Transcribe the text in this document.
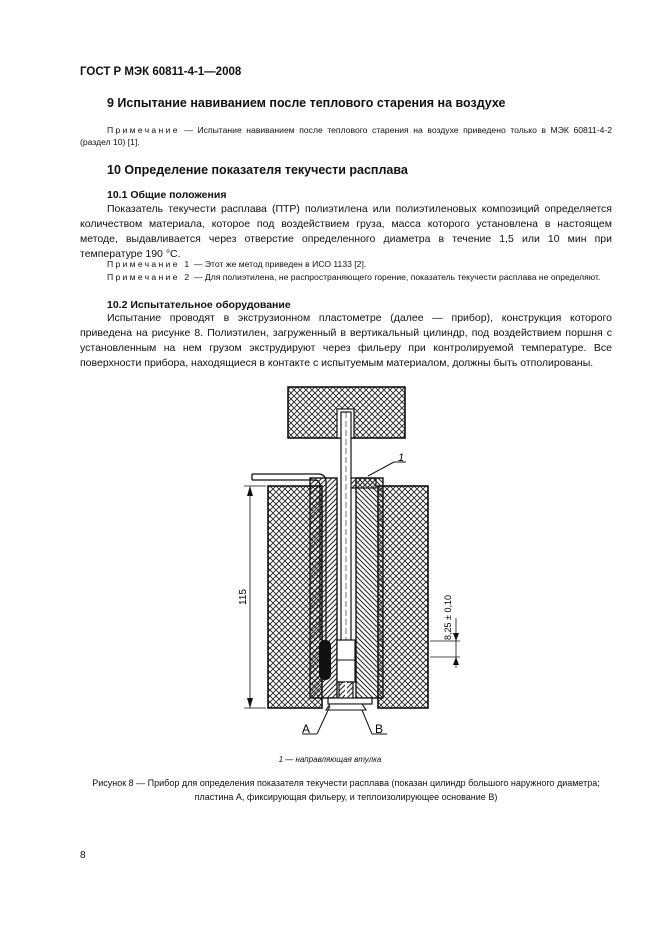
ГОСТ Р МЭК 60811-4-1—2008
9 Испытание навиванием после теплового старения на воздухе
Примечание — Испытание навиванием после теплового старения на воздухе приведено только в МЭК 60811-4-2 (раздел 10) [1].
10 Определение показателя текучести расплава
10.1 Общие положения
Показатель текучести расплава (ПТР) полиэтилена или полиэтиленовых композиций определяется количеством материала, которое под воздействием груза, масса которого установлена в настоящем методе, выдавливается через отверстие определенного диаметра в течение 1,5 или 10 мин при температуре 190 °С.
Примечание 1 — Этот же метод приведен в ИСО 1133 [2].
Примечание 2 — Для полиэтилена, не распространяющего горение, показатель текучести расплава не определяют.
10.2 Испытательное оборудование
Испытание проводят в экструзионном пластометре (далее — прибор), конструкция которого приведена на рисунке 8. Полиэтилен, загруженный в вертикальный цилиндр, под воздействием поршня с установленным на нем грузом экструдируют через фильеру при контролируемой температуре. Все поверхности прибора, находящиеся в контакте с испытуемым материалом, должны быть отполированы.
1
115	8,25 ± 0,10
A	B
1 — направляющая втулка
Рисунок 8 — Прибор для определения показателя текучести расплава (показан цилиндр большого наружного диаметра; пластина А, фиксирующая фильеру, и теплоизолирующее основание В)
8
